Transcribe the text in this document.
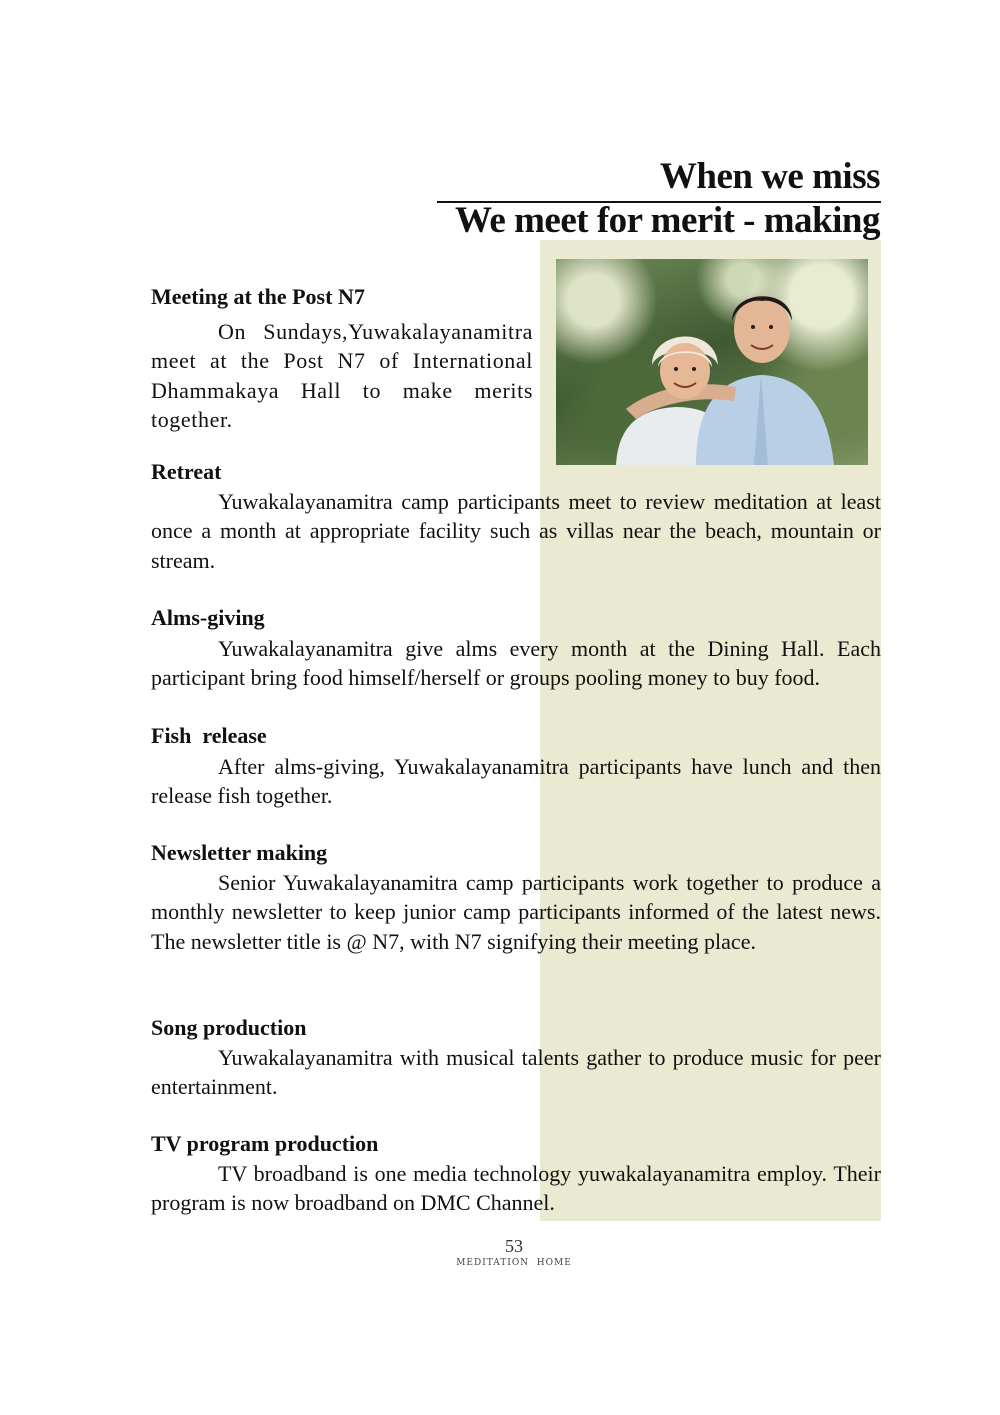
When we miss
We meet for merit - making
Meeting at the Post N7

On Sundays,Yuwakalayanamitra meet at the Post N7 of International Dhammakaya Hall to make merits together.

Retreat

Yuwakalayanamitra camp participants meet to review meditation at least once a month at appropriate facility such as villas near the beach, mountain or stream.

Alms-giving

Yuwakalayanamitra give alms every month at the Dining Hall. Each participant bring food himself/herself or groups pooling money to buy food.

Fish  release

After alms-giving, Yuwakalayanamitra participants have lunch and then release fish together.

Newsletter making

Senior Yuwakalayanamitra camp participants work together to produce a monthly newsletter to keep junior camp participants informed of the latest news. The newsletter title is @ N7, with N7 signifying their meeting place.

Song production

Yuwakalayanamitra with musical talents gather to produce music for peer entertainment.

TV program production

TV broadband is one media technology yuwakalayanamitra employ. Their program is now broadband on DMC Channel.

53
MEDITATION  HOME
